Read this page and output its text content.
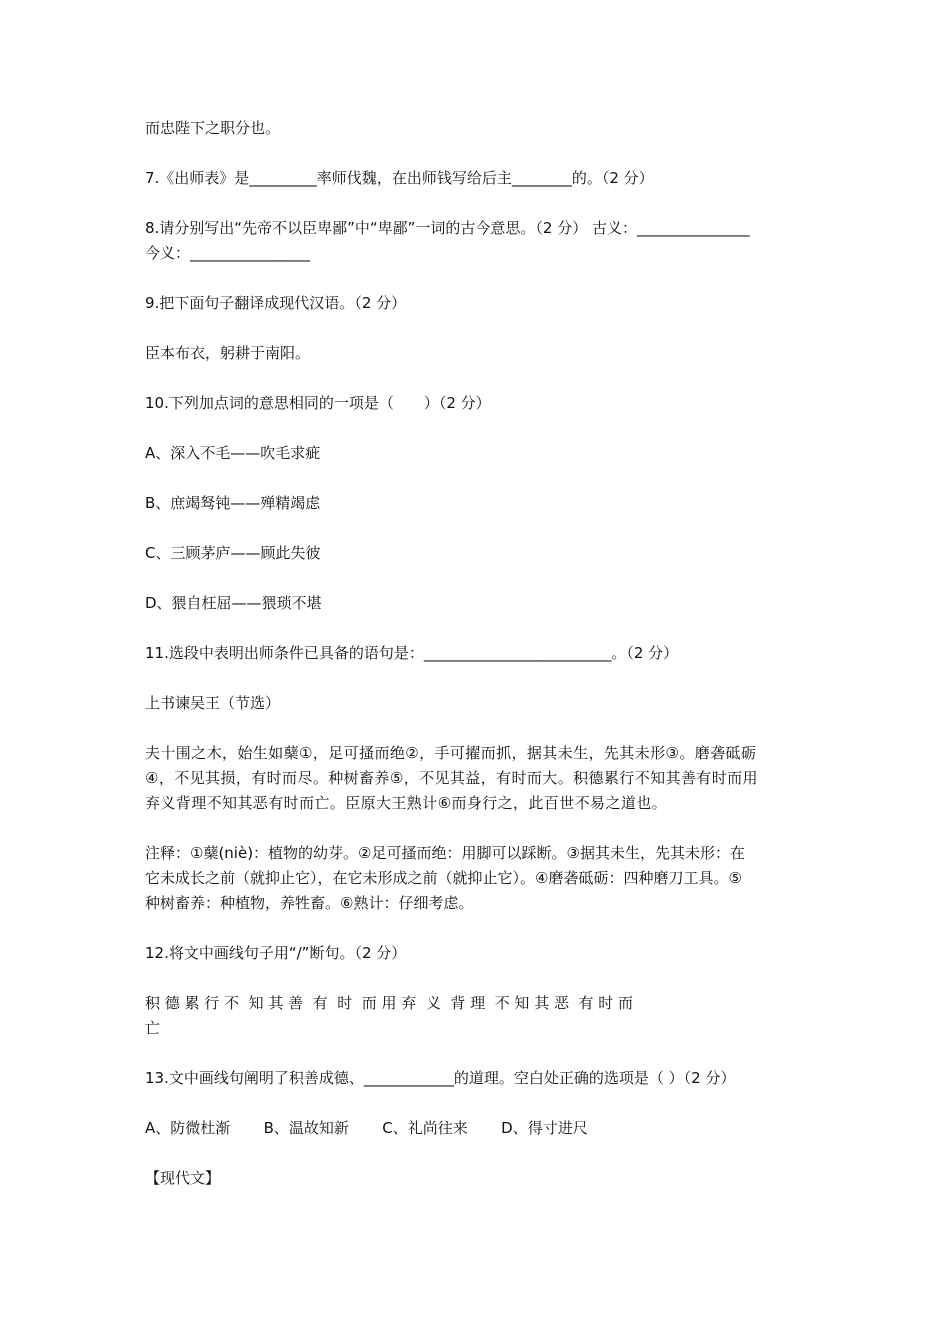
而忠陛下之职分也。

7.《出师表》是_________率师伐魏，在出师钱写给后主________的。（2 分）

8.请分别写出“先帝不以臣卑鄙”中“卑鄙”一词的古今意思。（2 分） 古义：_______________

今义：________________

9.把下面句子翻译成现代汉语。（2 分）

臣本布衣，躬耕于南阳。

10.下列加点词的意思相同的一项是（　　）（2 分）

A、深入不毛——吹毛求疵

B、庶竭驽钝——殚精竭虑

C、三顾茅庐——顾此失彼

D、猥自枉屈——猥琐不堪

11.选段中表明出师条件已具备的语句是：_________________________。（2 分）

上书谏吴王（节选）

夫十围之木，始生如蘖①，足可搔而绝②，手可擢而抓，据其未生，先其未形③。磨砻砥砺

④，不见其损，有时而尽。种树畜养⑤，不见其益，有时而大。积德累行不知其善有时而用

弃义背理不知其恶有时而亡。臣原大王熟计⑥而身行之，此百世不易之道也。

注释：①蘖(niè)：植物的幼芽。②足可搔而绝：用脚可以踩断。③据其未生，先其未形：在

它未成长之前（就抑止它），在它未形成之前（就抑止它）。④磨砻砥砺：四种磨刀工具。⑤

种树畜养：种植物，养牲畜。⑥熟计：仔细考虑。

12.将文中画线句子用“/”断句。（2 分）

积 德 累 行 不  知 其 善  有  时  而 用 弃  义  背 理  不 知 其 恶  有 时 而

亡

13.文中画线句阐明了积善成德、____________的道理。空白处正确的选项是（ ）（2 分）

A、防微杜渐       B、温故知新       C、礼尚往来       D、得寸进尺

【现代文】
